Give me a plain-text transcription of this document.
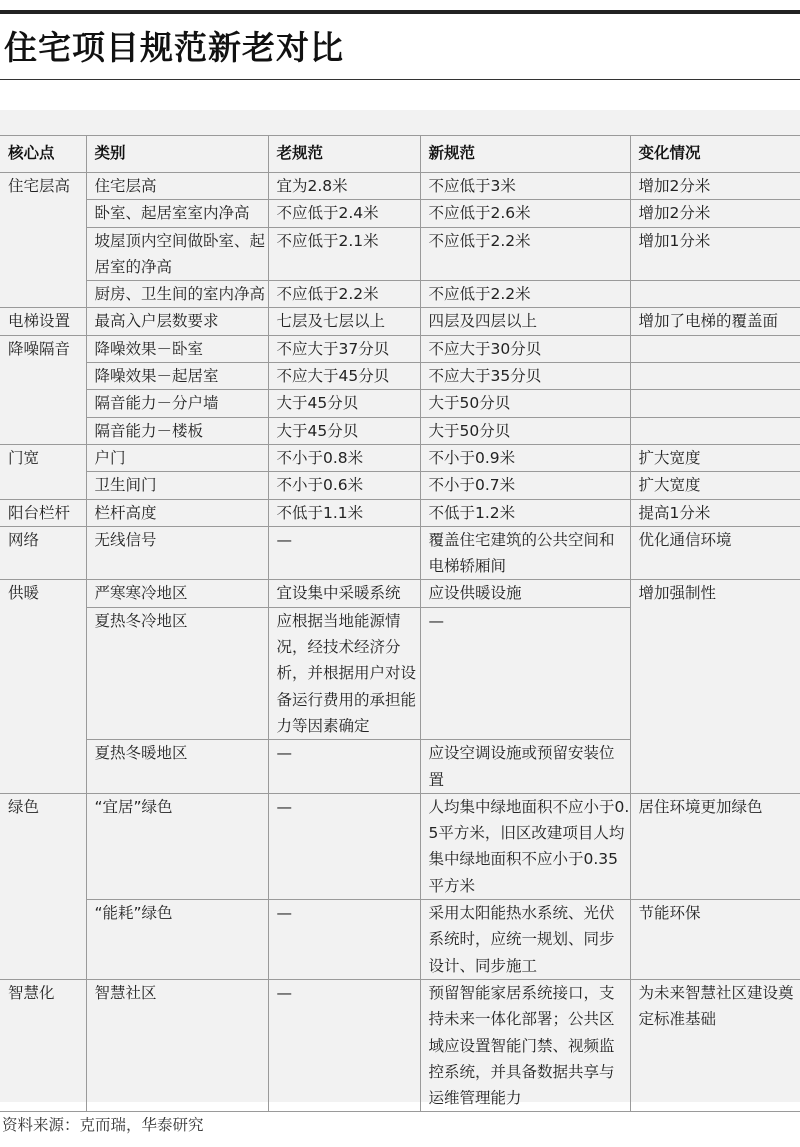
住宅项目规范新老对比
核心点	类别	老规范	新规范	变化情况
住宅层高	住宅层高	宜为2.8米	不应低于3米	增加2分米
	卧室、起居室室内净高	不应低于2.4米	不应低于2.6米	增加2分米
	坡屋顶内空间做卧室、起居室的净高	不应低于2.1米	不应低于2.2米	增加1分米
	厨房、卫生间的室内净高	不应低于2.2米	不应低于2.2米	
电梯设置	最高入户层数要求	七层及七层以上	四层及四层以上	增加了电梯的覆盖面
降噪隔音	降噪效果－卧室	不应大于37分贝	不应大于30分贝	
	降噪效果－起居室	不应大于45分贝	不应大于35分贝	
	隔音能力－分户墙	大于45分贝	大于50分贝	
	隔音能力－楼板	大于45分贝	大于50分贝	
门宽	户门	不小于0.8米	不小于0.9米	扩大宽度
	卫生间门	不小于0.6米	不小于0.7米	扩大宽度
阳台栏杆	栏杆高度	不低于1.1米	不低于1.2米	提高1分米
网络	无线信号	—	覆盖住宅建筑的公共空间和电梯轿厢间	优化通信环境
供暖	严寒寒冷地区	宜设集中采暖系统	应设供暖设施	增加强制性
	夏热冬冷地区	应根据当地能源情况，经技术经济分析，并根据用户对设备运行费用的承担能力等因素确定	—	
	夏热冬暖地区	—	应设空调设施或预留安装位置	
绿色	“宜居”绿色	—	人均集中绿地面积不应小于0.5平方米，旧区改建项目人均集中绿地面积不应小于0.35平方米	居住环境更加绿色
	“能耗”绿色	—	采用太阳能热水系统、光伏系统时，应统一规划、同步设计、同步施工	节能环保
智慧化	智慧社区	—	预留智能家居系统接口，支持未来一体化部署；公共区域应设置智能门禁、视频监控系统，并具备数据共享与运维管理能力	为未来智慧社区建设奠定标准基础
资料来源：克而瑞，华泰研究
